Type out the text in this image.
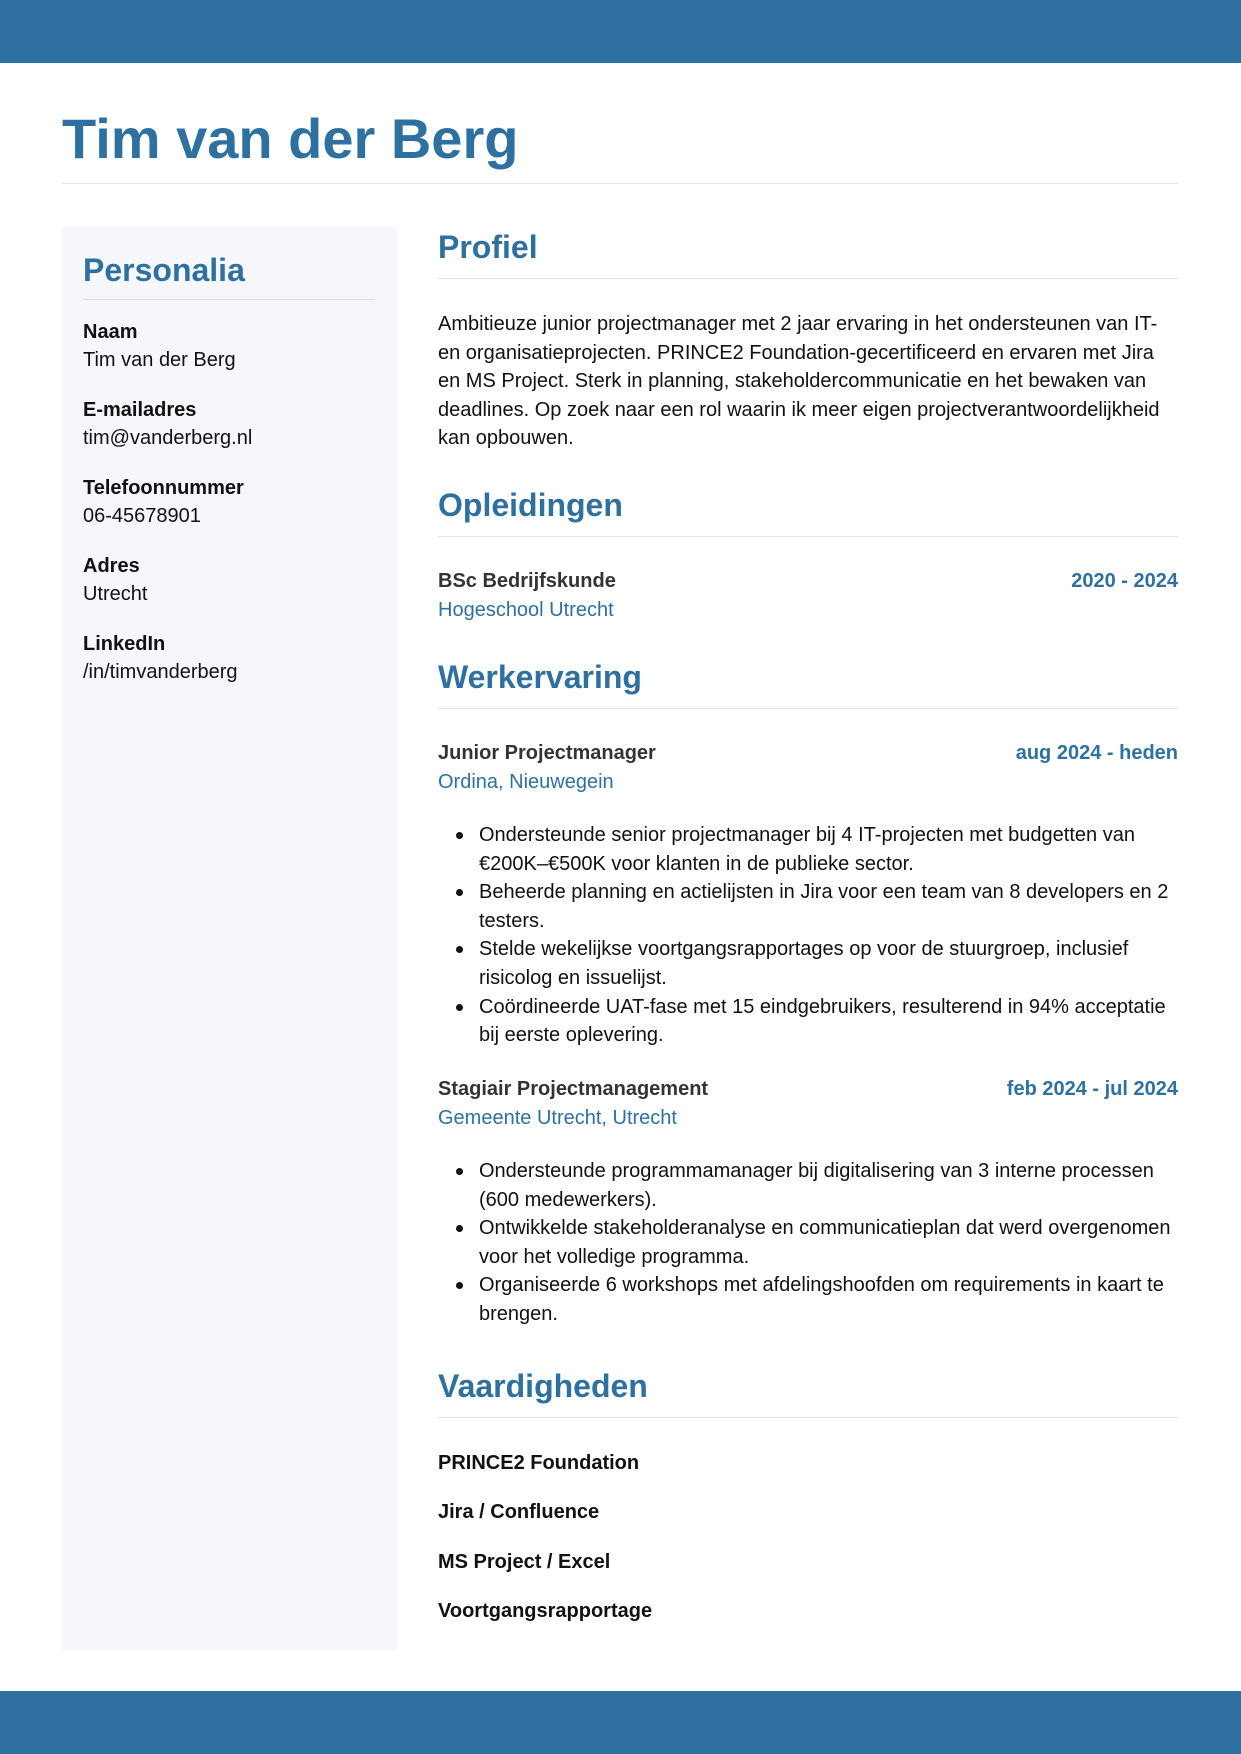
Tim van der Berg
Personalia
Naam
Tim van der Berg
E-mailadres
tim@vanderberg.nl
Telefoonnummer
06-45678901
Adres
Utrecht
LinkedIn
/in/timvanderberg
Profiel

Ambitieuze junior projectmanager met 2 jaar ervaring in het ondersteunen van IT- en organisatieprojecten. PRINCE2 Foundation-gecertificeerd en ervaren met Jira en MS Project. Sterk in planning, stakeholdercommunicatie en het bewaken van deadlines. Op zoek naar een rol waarin ik meer eigen projectverantwoordelijkheid kan opbouwen.

Opleidingen
BSc Bedrijfskunde	2020 - 2024
Hogeschool Utrecht
Werkervaring
Junior Projectmanager	aug 2024 - heden
Ordina, Nieuwegein
Ondersteunde senior projectmanager bij 4 IT-projecten met budgetten van €200K–€500K voor klanten in de publieke sector.
Beheerde planning en actielijsten in Jira voor een team van 8 developers en 2 testers.
Stelde wekelijkse voortgangsrapportages op voor de stuurgroep, inclusief risicolog en issuelijst.
Coördineerde UAT-fase met 15 eindgebruikers, resulterend in 94% acceptatie bij eerste oplevering.
Stagiair Projectmanagement	feb 2024 - jul 2024
Gemeente Utrecht, Utrecht
Ondersteunde programmamanager bij digitalisering van 3 interne processen (600 medewerkers).
Ontwikkelde stakeholderanalyse en communicatieplan dat werd overgenomen voor het volledige programma.
Organiseerde 6 workshops met afdelingshoofden om requirements in kaart te brengen.
Vaardigheden
PRINCE2 Foundation
Jira / Confluence
MS Project / Excel
Voortgangsrapportage
